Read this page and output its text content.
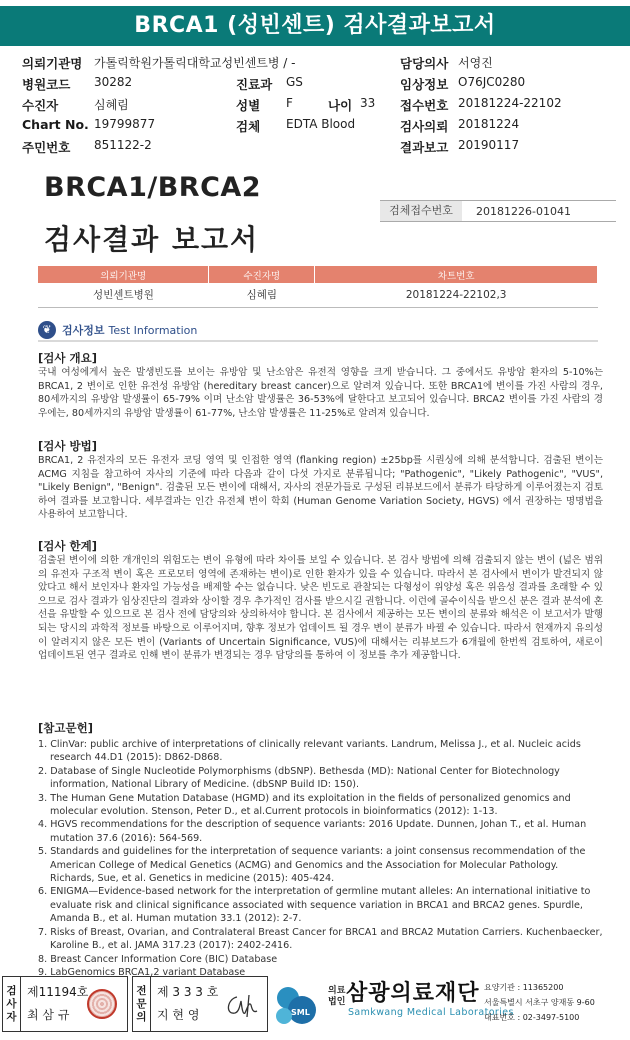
BRCA1 (성빈센트) 검사결과보고서
의뢰기관명 가톨릭학원가톨릭대학교성빈센트병 / -	담당의사 서영진
병원코드 30282	진료과 GS	임상정보 O76JC0280
수진자	심혜림	성별 F	나이 33 접수번호 20181224-22102
Chart No. 19799877	검체 EDTA Blood	검사의뢰 20181224
주민번호 851122-2	결과보고 20190117
BRCA1/BRCA2
검사결과 보고서
검체접수번호	20181226-01041
의뢰기관명	수진자명	차트번호
성빈센트병원	심혜림	20181224-22102,3
❦ 검사정보 Test Information
[검사 개요]

국내 여성에게서 높은 발생빈도를 보이는 유방암 및 난소암은 유전적 영향을 크게 받습니다. 그 중에서도 유방암 환자의 5-10%는 BRCA1, 2 변이로 인한 유전성 유방암 (hereditary breast cancer)으로 알려져 있습니다. 또한 BRCA1에 변이를 가진 사람의 경우, 80세까지의 유방암 발생률이 65-79% 이며 난소암 발생률은 36-53%에 달한다고 보고되어 있습니다. BRCA2 변이를 가진 사람의 경우에는, 80세까지의 유방암 발생률이 61-77%, 난소암 발생률은 11-25%로 알려져 있습니다.

[검사 방법]

BRCA1, 2 유전자의 모든 유전자 코딩 영역 및 인접한 영역 (flanking region) ±25bp를 시퀀싱에 의해 분석합니다. 검출된 변이는 ACMG 지침을 참고하여 자사의 기준에 따라 다음과 같이 다섯 가지로 분류됩니다; "Pathogenic", "Likely Pathogenic", "VUS", "Likely Benign", "Benign". 검출된 모든 변이에 대해서, 자사의 전문가들로 구성된 리뷰보드에서 분류가 타당하게 이루어졌는지 검토하여 결과를 보고합니다. 세부결과는 인간 유전체 변이 학회 (Human Genome Variation Society, HGVS) 에서 권장하는 명명법을 사용하여 보고합니다.

[검사 한계]

검출된 변이에 의한 개개인의 위험도는 변이 유형에 따라 차이를 보일 수 있습니다. 본 검사 방법에 의해 검출되지 않는 변이 (넓은 범위의 유전자 구조적 변이 혹은 프로모터 영역에 존재하는 변이)로 인한 환자가 있을 수 있습니다. 따라서 본 검사에서 변이가 발견되지 않았다고 해서 보인자나 환자일 가능성을 배제할 수는 없습니다. 낮은 빈도로 관찰되는 다형성이 위양성 혹은 위음성 결과를 초래할 수 있으므로 검사 결과가 임상진단의 결과와 상이할 경우 추가적인 검사를 받으시길 권합니다. 이런에 골수이식을 받으신 분은 결과 분석에 혼선을 유발할 수 있으므로 본 검사 전에 담당의와 상의하셔야 합니다. 본 검사에서 제공하는 모든 변이의 분류와 해석은 이 보고서가 발행되는 당시의 과학적 정보를 바탕으로 이루어지며, 향후 정보가 업데이트 될 경우 변이 분류가 바뀔 수 있습니다. 따라서 현재까지 유의성이 알려지지 않은 모든 변이 (Variants of Uncertain Significance, VUS)에 대해서는 리뷰보드가 6개월에 한번씩 검토하여, 새로이 업데이트된 연구 결과로 인해 변이 분류가 변경되는 경우 담당의를 통하여 이 정보를 추가 제공합니다.

[참고문헌]
1. ClinVar: public archive of interpretations of clinically relevant variants. Landrum, Melissa J., et al. Nucleic acids research 44.D1 (2015): D862-D868.
2. Database of Single Nucleotide Polymorphisms (dbSNP). Bethesda (MD): National Center for Biotechnology information, National Library of Medicine. (dbSNP Build ID: 150).
3. The Human Gene Mutation Database (HGMD) and its exploitation in the fields of personalized genomics and molecular evolution. Stenson, Peter D., et al.Current protocols in bioinformatics (2012): 1-13.
4. HGVS recommendations for the description of sequence variants: 2016 Update. Dunnen, Johan T., et al. Human mutation 37.6 (2016): 564-569.
5. Standards and guidelines for the interpretation of sequence variants: a joint consensus recommendation of the American College of Medical Genetics (ACMG) and Genomics and the Association for Molecular Pathology. Richards, Sue, et al. Genetics in medicine (2015): 405-424.
6. ENIGMA—Evidence-based network for the interpretation of germline mutant alleles: An international initiative to evaluate risk and clinical significance associated with sequence variation in BRCA1 and BRCA2 genes. Spurdle, Amanda B., et al. Human mutation 33.1 (2012): 2-7.
7. Risks of Breast, Ovarian, and Contralateral Breast Cancer for BRCA1 and BRCA2 Mutation Carriers. Kuchenbaecker, Karoline B., et al. JAMA 317.23 (2017): 2402-2416.
8. Breast Cancer Information Core (BIC) Database
9. LabGenomics BRCA1,2 variant Database
검
사
자
제11194호
최 삼 규
전
문
의
제 3 3 3 호
지 현 영	SML
의료
법인 삼광의료재단
Samkwang Medical Laboratories
요양기관 : 11365200
서울특별시 서초구 양재동 9-60
대표번호 : 02-3497-5100
